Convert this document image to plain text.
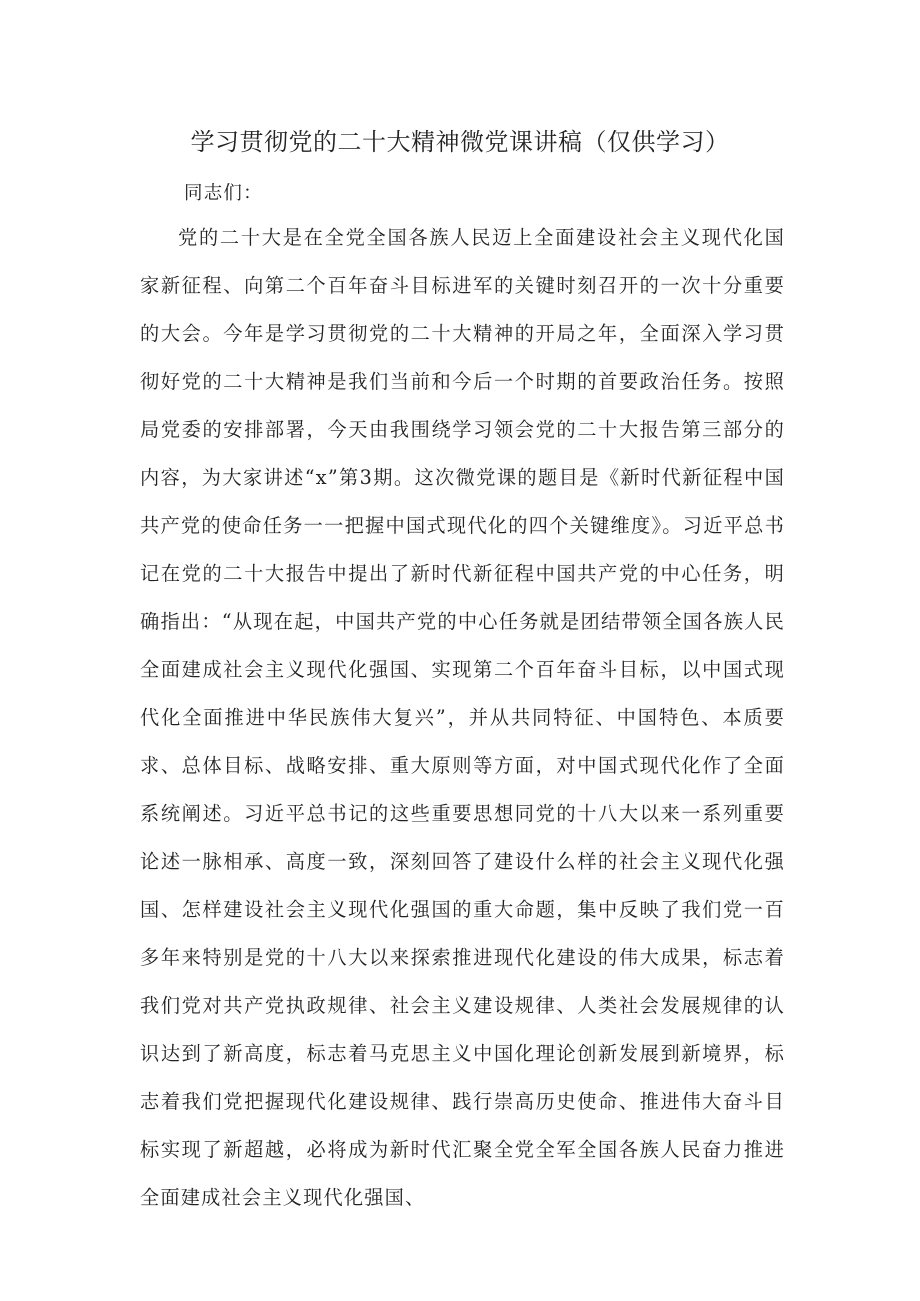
学习贯彻党的二十大精神微党课讲稿（仅供学习）
同志们：
党的二十大是在全党全国各族人民迈上全面建设社会主义现代化国家新征程、向第二个百年奋斗目标进军的关键时刻召开的一次十分重要的大会。今年是学习贯彻党的二十大精神的开局之年，全面深入学习贯彻好党的二十大精神是我们当前和今后一个时期的首要政治任务。按照局党委的安排部署，今天由我围绕学习领会党的二十大报告第三部分的内容，为大家讲述“x”第3期。这次微党课的题目是《新时代新征程中国共产党的使命任务一一把握中国式现代化的四个关键维度》。习近平总书记在党的二十大报告中提出了新时代新征程中国共产党的中心任务，明确指出：“从现在起，中国共产党的中心任务就是团结带领全国各族人民全面建成社会主义现代化强国、实现第二个百年奋斗目标，以中国式现代化全面推进中华民族伟大复兴”，并从共同特征、中国特色、本质要求、总体目标、战略安排、重大原则等方面，对中国式现代化作了全面系统阐述。习近平总书记的这些重要思想同党的十八大以来一系列重要论述一脉相承、高度一致，深刻回答了建设什么样的社会主义现代化强国、怎样建设社会主义现代化强国的重大命题，集中反映了我们党一百多年来特别是党的十八大以来探索推进现代化建设的伟大成果，标志着我们党对共产党执政规律、社会主义建设规律、人类社会发展规律的认识达到了新高度，标志着马克思主义中国化理论创新发展到新境界，标志着我们党把握现代化建设规律、践行崇高历史使命、推进伟大奋斗目标实现了新超越，必将成为新时代汇聚全党全军全国各族人民奋力推进全面建成社会主义现代化强国、
